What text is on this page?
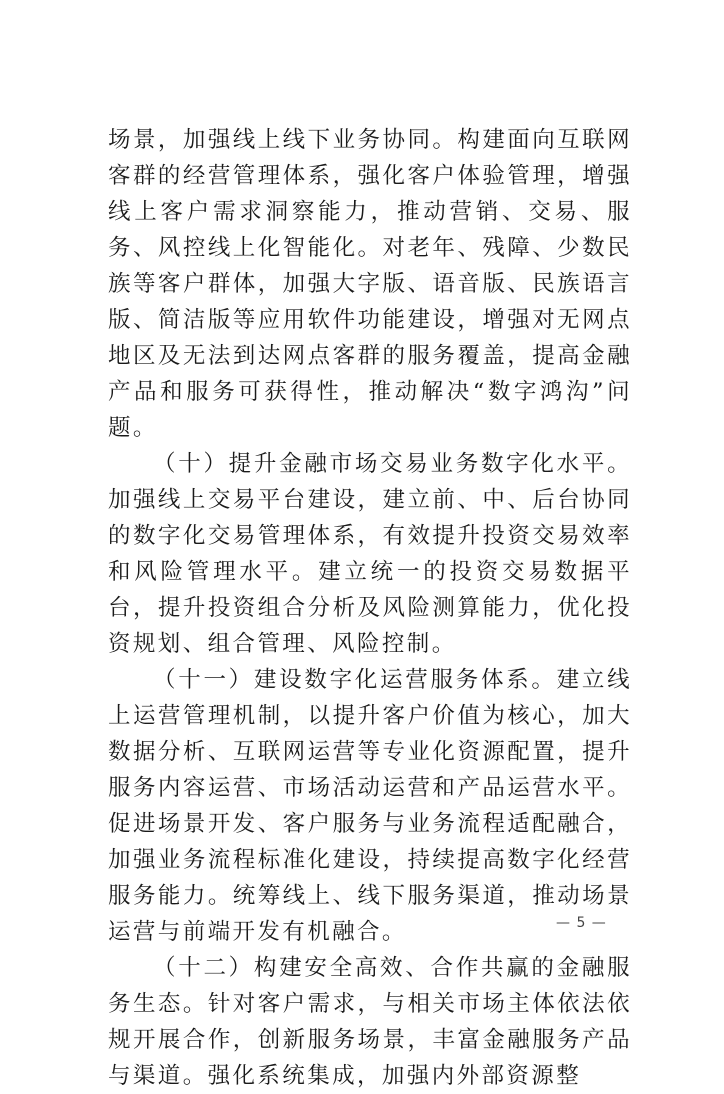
场景，加强线上线下业务协同。构建面向互联网客群的经营管理体系，强化客户体验管理，增强线上客户需求洞察能力，推动营销、交易、服务、风控线上化智能化。对老年、残障、少数民族等客户群体，加强大字版、语音版、民族语言版、简洁版等应用软件功能建设，增强对无网点地区及无法到达网点客群的服务覆盖，提高金融产品和服务可获得性，推动解决“数字鸿沟”问题。

（十）提升金融市场交易业务数字化水平。加强线上交易平台建设，建立前、中、后台协同的数字化交易管理体系，有效提升投资交易效率和风险管理水平。建立统一的投资交易数据平台，提升投资组合分析及风险测算能力，优化投资规划、组合管理、风险控制。

（十一）建设数字化运营服务体系。建立线上运营管理机制，以提升客户价值为核心，加大数据分析、互联网运营等专业化资源配置，提升服务内容运营、市场活动运营和产品运营水平。促进场景开发、客户服务与业务流程适配融合，加强业务流程标准化建设，持续提高数字化经营服务能力。统筹线上、线下服务渠道，推动场景运营与前端开发有机融合。

（十二）构建安全高效、合作共赢的金融服务生态。针对客户需求，与相关市场主体依法依规开展合作，创新服务场景，丰富金融服务产品与渠道。强化系统集成，加强内外部资源整

— 5 —
